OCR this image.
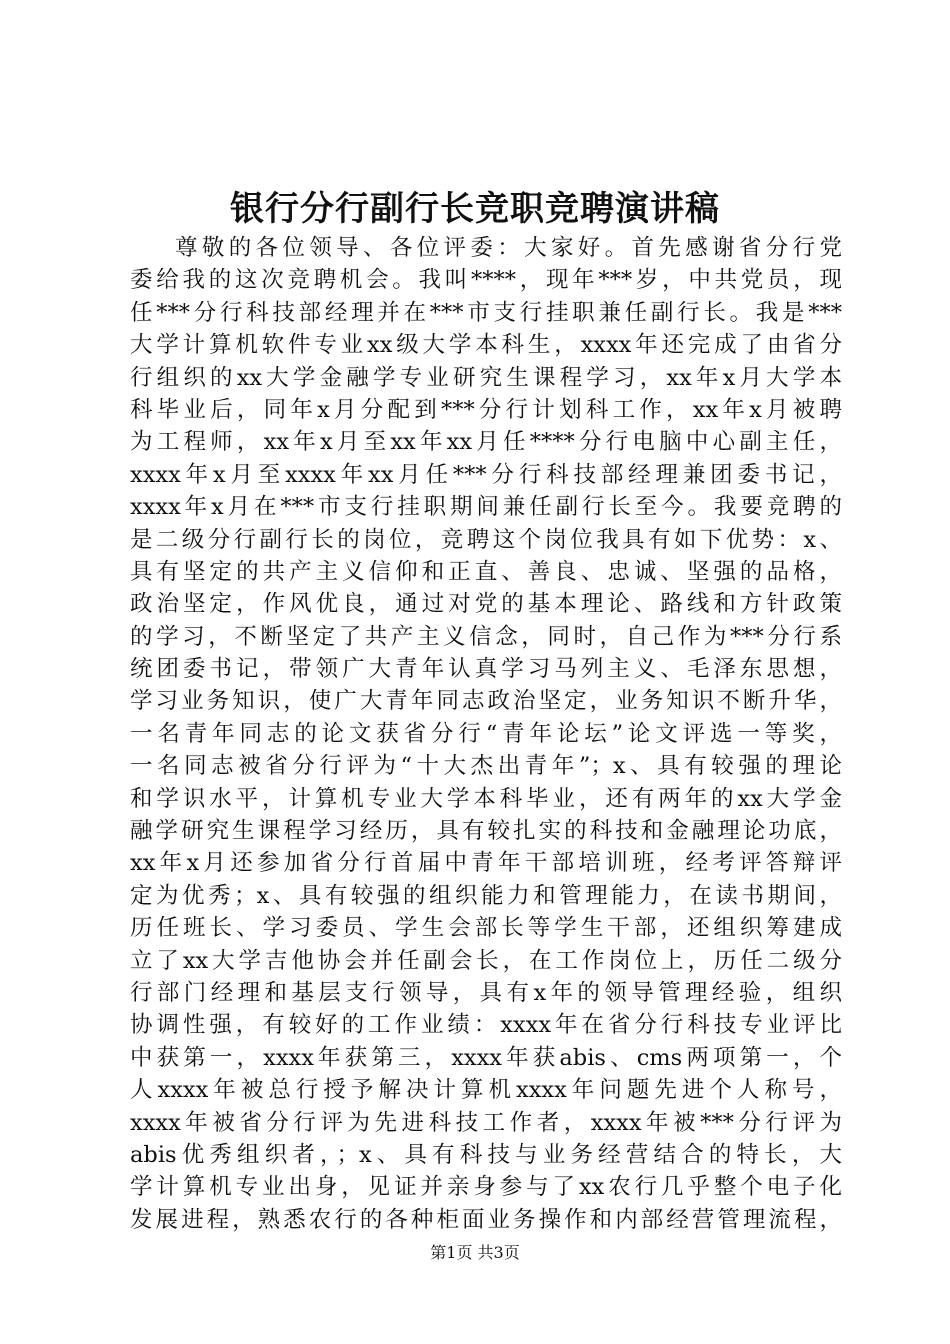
银行分行副行长竞职竞聘演讲稿
尊敬的各位领导、各位评委：大家好。首先感谢省分行党
委给我的这次竞聘机会。我叫****，现年***岁，中共党员，现
任***分行科技部经理并在***市支行挂职兼任副行长。我是***
大学计算机软件专业xx级大学本科生，xxxx年还完成了由省分
行组织的xx大学金融学专业研究生课程学习，xx年x月大学本
科毕业后，同年x月分配到***分行计划科工作，xx年x月被聘
为工程师，xx年x月至xx年xx月任****分行电脑中心副主任，
xxxx年x月至xxxx年xx月任***分行科技部经理兼团委书记，
xxxx年x月在***市支行挂职期间兼任副行长至今。我要竞聘的
是二级分行副行长的岗位，竞聘这个岗位我具有如下优势：x、
具有坚定的共产主义信仰和正直、善良、忠诚、坚强的品格，
政治坚定，作风优良，通过对党的基本理论、路线和方针政策
的学习，不断坚定了共产主义信念，同时，自己作为***分行系
统团委书记，带领广大青年认真学习马列主义、毛泽东思想，
学习业务知识，使广大青年同志政治坚定，业务知识不断升华，
一名青年同志的论文获省分行“青年论坛”论文评选一等奖，
一名同志被省分行评为“十大杰出青年”；x、具有较强的理论
和学识水平，计算机专业大学本科毕业，还有两年的xx大学金
融学研究生课程学习经历，具有较扎实的科技和金融理论功底，
xx年x月还参加省分行首届中青年干部培训班，经考评答辩评
定为优秀；x、具有较强的组织能力和管理能力，在读书期间，
历任班长、学习委员、学生会部长等学生干部，还组织筹建成
立了xx大学吉他协会并任副会长，在工作岗位上，历任二级分
行部门经理和基层支行领导，具有x年的领导管理经验，组织
协调性强，有较好的工作业绩：xxxx年在省分行科技专业评比
中获第一，xxxx年获第三，xxxx年获abis、cms两项第一，个
人xxxx年被总行授予解决计算机xxxx年问题先进个人称号，
xxxx年被省分行评为先进科技工作者，xxxx年被***分行评为
abis优秀组织者，；x、具有科技与业务经营结合的特长，大
学计算机专业出身，见证并亲身参与了xx农行几乎整个电子化
发展进程，熟悉农行的各种柜面业务操作和内部经营管理流程，
第1页 共3页
